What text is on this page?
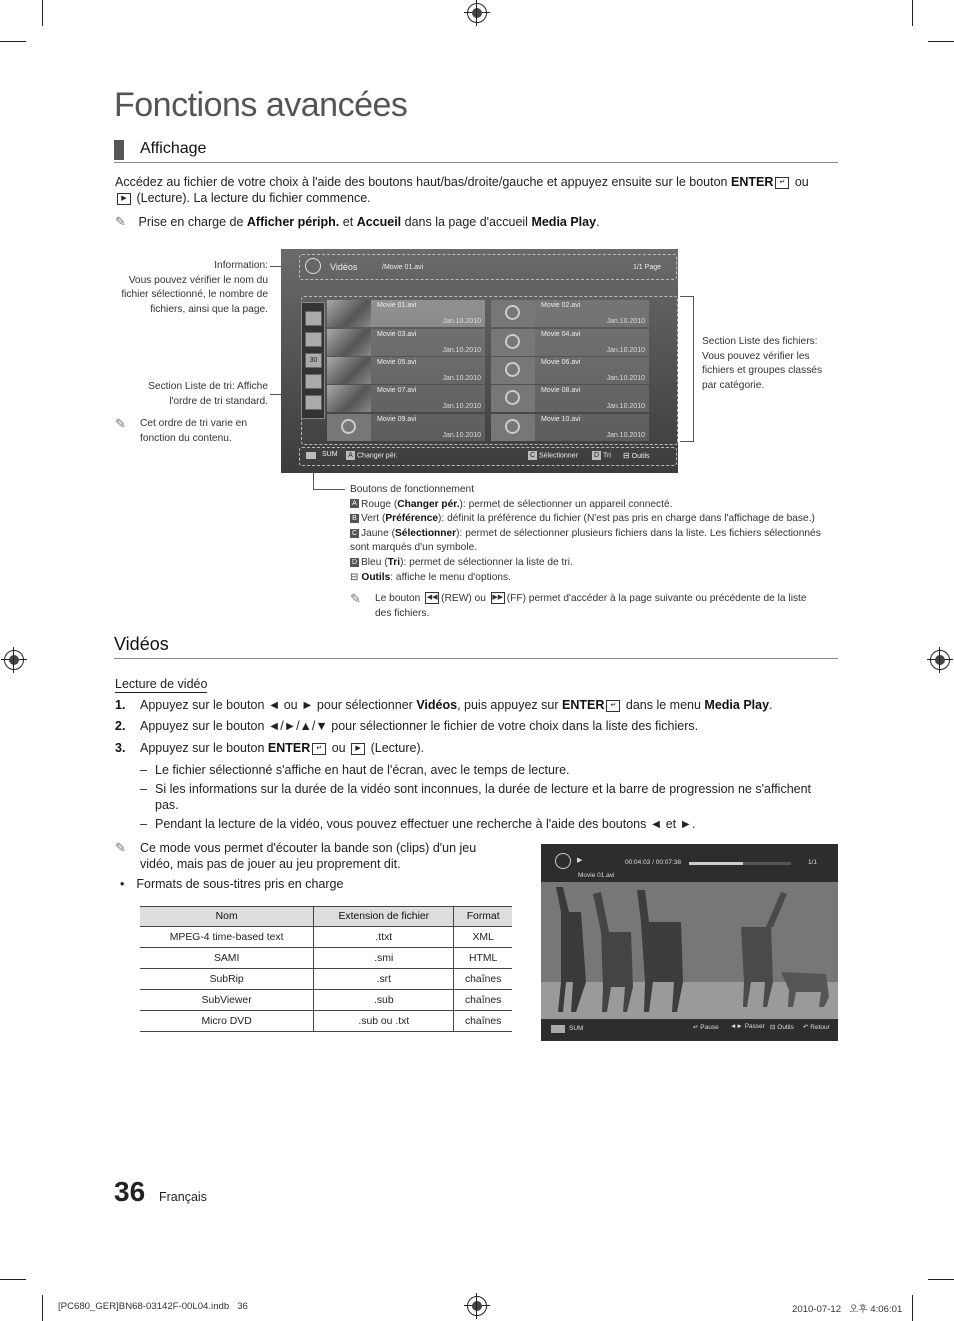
Fonctions avancées
Affichage
Accédez au fichier de votre choix à l'aide des boutons haut/bas/droite/gauche et appuyez ensuite sur le bouton ENTER ↵ ou
▶ (Lecture). La lecture du fichier commence.
✎ Prise en charge de Afficher périph. et Accueil dans la page d'accueil Media Play.
Information:
Vous pouvez vérifier le nom du
fichier sélectionné, le nombre de
fichiers, ainsi que la page.
Section Liste de tri: Affiche
l'ordre de tri standard.
✎	Cet ordre de tri varie en
fonction du contenu.
Section Liste des fichiers:
Vous pouvez vérifier les
fichiers et groupes classés
par catégorie.
Vidéos	/Movie 01.avi	1/1 Page
30
Movie 01.avi
Jan.10.2010
Movie 02.avi
Jan.10.2010
Movie 03.avi
Jan.10.2010
Movie 04.avi
Jan.10.2010
Movie 05.avi
Jan.10.2010
Movie 06.avi
Jan.10.2010
Movie 07.avi
Jan.10.2010
Movie 08.avi
Jan.10.2010
Movie 09.avi
Jan.10.2010
Movie 10.avi
Jan.10.2010
SUM	A Changer pér.	C Sélectionner D Tri ⊟ Outils
Boutons de fonctionnement
A Rouge (Changer pér.): permet de sélectionner un appareil connecté.
B Vert (Préférence): définit la préférence du fichier (N'est pas pris en charge dans l'affichage de base.)
C Jaune (Sélectionner): permet de sélectionner plusieurs fichiers dans la liste. Les fichiers sélectionnés
sont marqués d'un symbole.
D Bleu (Tri): permet de sélectionner la liste de tri.
⊟ Outils: affiche le menu d'options.
✎	Le bouton ◀◀ (REW) ou ▶▶ (FF) permet d'accéder à la page suivante ou précédente de la liste
des fichiers.
Vidéos
Lecture de vidéo
1.	Appuyez sur le bouton ◄ ou ► pour sélectionner Vidéos, puis appuyez sur ENTER ↵ dans le menu Media Play.
2.	Appuyez sur le bouton ◄/►/▲/▼ pour sélectionner le fichier de votre choix dans la liste des fichiers.
3.	Appuyez sur le bouton ENTER ↵ ou ▶ (Lecture).
– Le fichier sélectionné s'affiche en haut de l'écran, avec le temps de lecture.
– Si les informations sur la durée de la vidéo sont inconnues, la durée de lecture et la barre de progression ne s'affichent
pas.
– Pendant la lecture de la vidéo, vous pouvez effectuer une recherche à l'aide des boutons ◄ et ►.
✎	Ce mode vous permet d'écouter la bande son (clips) d'un jeu
vidéo, mais pas de jouer au jeu proprement dit.
• Formats de sous-titres pris en charge
Nom	Extension de fichier	Format
MPEG-4 time-based text	.ttxt	XML
SAMI	.smi	HTML
SubRip	.srt	chaînes
SubViewer	.sub	chaînes
Micro DVD	.sub ou .txt	chaînes
▶	00:04:03 / 00:07:38	1/1
Movie 01.avi
SUM	↵ Pause ◄► Passer ⊟ Outils ↶ Retour
36 Français
[PC680_GER]BN68-03142F-00L04.indb   36	2010-07-12   오후 4:06:01
